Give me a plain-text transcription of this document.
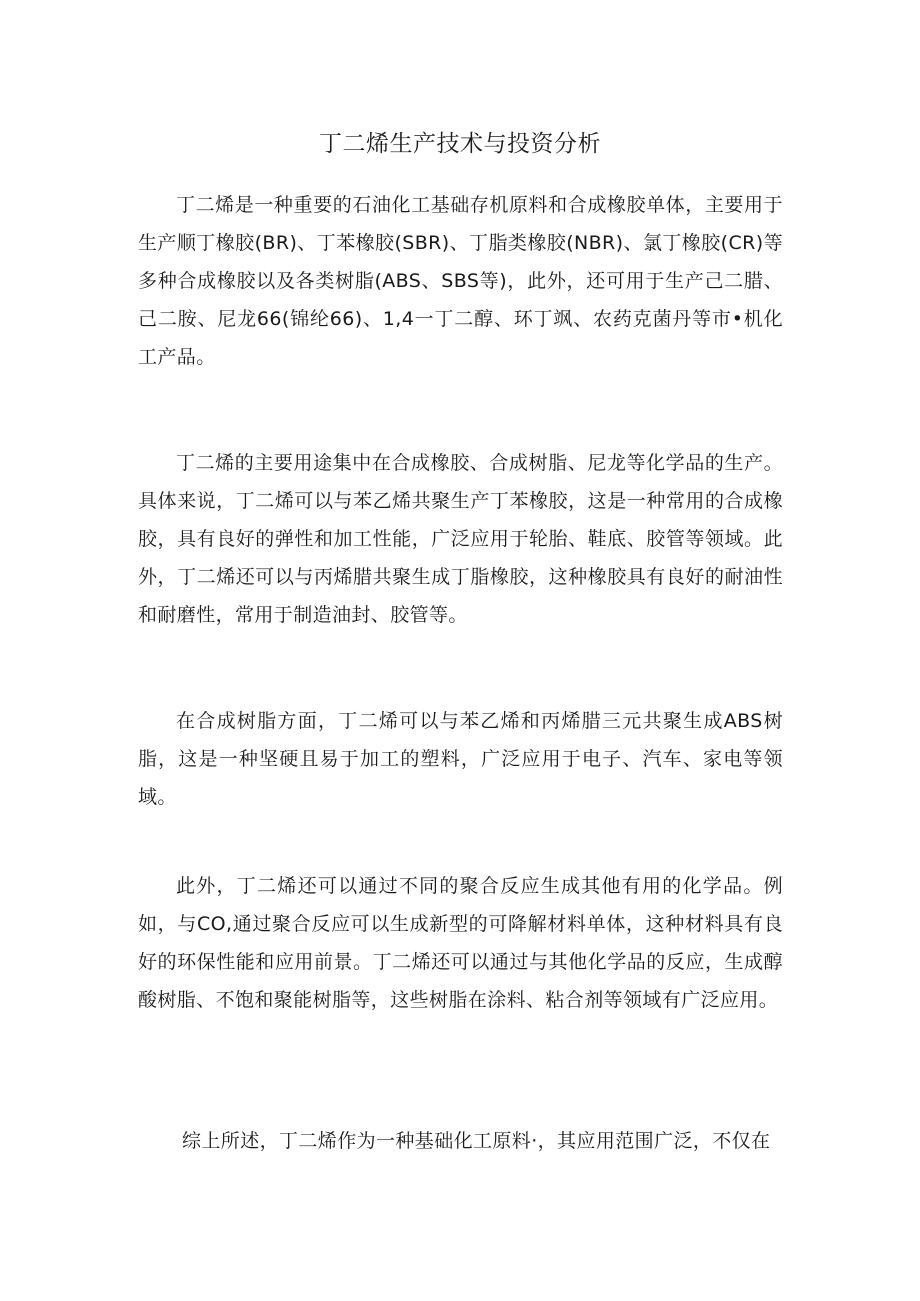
丁二烯生产技术与投资分析

丁二烯是一种重要的石油化工基础存机原料和合成橡胶单体，主要用于生产顺丁橡胶(BR)、丁苯橡胶(SBR)、丁脂类橡胶(NBR)、氯丁橡胶(CR)等多种合成橡胶以及各类树脂(ABS、SBS等)，此外，还可用于生产己二腊、己二胺、尼龙66(锦纶66)、1,4一丁二醇、环丁飒、农药克菌丹等市•机化工产品。

丁二烯的主要用途集中在合成橡胶、合成树脂、尼龙等化学品的生产。具体来说，丁二烯可以与苯乙烯共聚生产丁苯橡胶，这是一种常用的合成橡胶，具有良好的弹性和加工性能，广泛应用于轮胎、鞋底、胶管等领域。此外，丁二烯还可以与丙烯腊共聚生成丁脂橡胶，这种橡胶具有良好的耐油性和耐磨性，常用于制造油封、胶管等。

在合成树脂方面，丁二烯可以与苯乙烯和丙烯腊三元共聚生成ABS树脂，这是一种坚硬且易于加工的塑料，广泛应用于电子、汽车、家电等领域。

此外，丁二烯还可以通过不同的聚合反应生成其他有用的化学品。例如，与CO,通过聚合反应可以生成新型的可降解材料单体，这种材料具有良好的环保性能和应用前景。丁二烯还可以通过与其他化学品的反应，生成醇酸树脂、不饱和聚能树脂等，这些树脂在涂料、粘合剂等领域有广泛应用。

综上所述，丁二烯作为一种基础化工原料·，其应用范围广泛，不仅在
